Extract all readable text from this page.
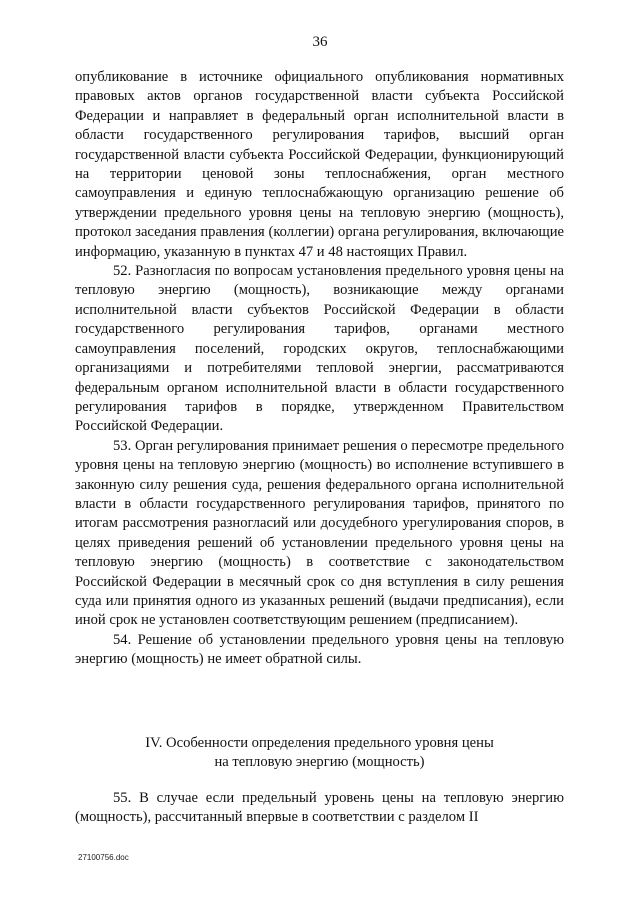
36

опубликование в источнике официального опубликования нормативных правовых актов органов государственной власти субъекта Российской Федерации и направляет в федеральный орган исполнительной власти в области государственного регулирования тарифов, высший орган государственной власти субъекта Российской Федерации, функционирующий на территории ценовой зоны теплоснабжения, орган местного самоуправления и единую теплоснабжающую организацию решение об утверждении предельного уровня цены на тепловую энергию (мощность), протокол заседания правления (коллегии) органа регулирования, включающие информацию, указанную в пунктах 47 и 48 настоящих Правил.

52. Разногласия по вопросам установления предельного уровня цены на тепловую энергию (мощность), возникающие между органами исполнительной власти субъектов Российской Федерации в области государственного регулирования тарифов, органами местного самоуправления поселений, городских округов, теплоснабжающими организациями и потребителями тепловой энергии, рассматриваются федеральным органом исполнительной власти в области государственного регулирования тарифов в порядке, утвержденном Правительством Российской Федерации.

53. Орган регулирования принимает решения о пересмотре предельного уровня цены на тепловую энергию (мощность) во исполнение вступившего в законную силу решения суда, решения федерального органа исполнительной власти в области государственного регулирования тарифов, принятого по итогам рассмотрения разногласий или досудебного урегулирования споров, в целях приведения решений об установлении предельного уровня цены на тепловую энергию (мощность) в соответствие с законодательством Российской Федерации в месячный срок со дня вступления в силу решения суда или принятия одного из указанных решений (выдачи предписания), если иной срок не установлен соответствующим решением (предписанием).

54. Решение об установлении предельного уровня цены на тепловую энергию (мощность) не имеет обратной силы.

IV. Особенности определения предельного уровня цены
на тепловую энергию (мощность)

55. В случае если предельный уровень цены на тепловую энергию (мощность), рассчитанный впервые в соответствии с разделом II

27100756.doc
